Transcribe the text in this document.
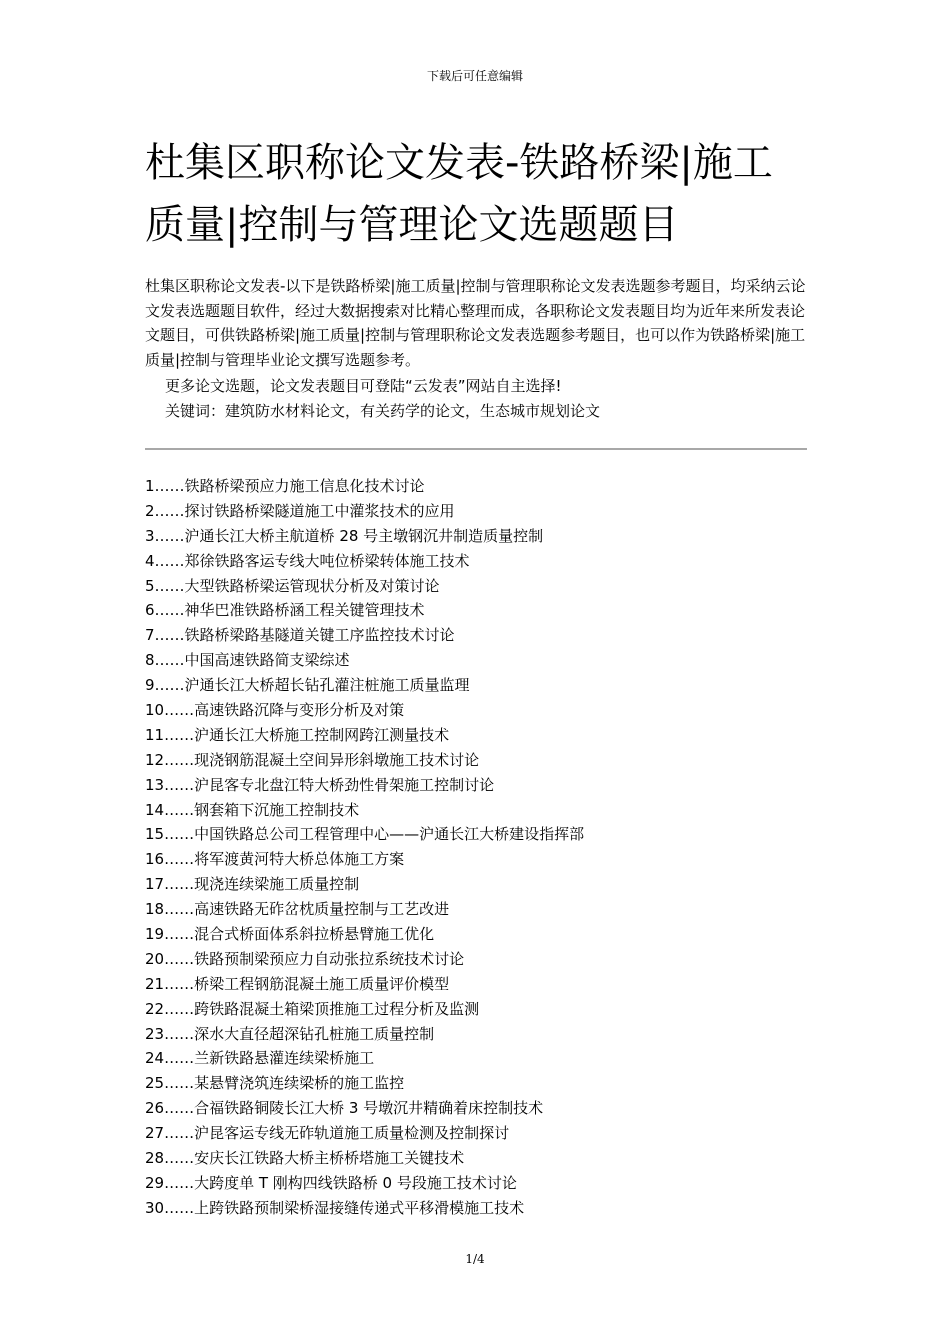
下载后可任意编辑
杜集区职称论文发表-铁路桥梁|施工质量|控制与管理论文选题题目

杜集区职称论文发表-以下是铁路桥梁|施工质量|控制与管理职称论文发表选题参考题目，均采纳云论文发表选题题目软件，经过大数据搜索对比精心整理而成，各职称论文发表题目均为近年来所发表论文题目，可供铁路桥梁|施工质量|控制与管理职称论文发表选题参考题目，也可以作为铁路桥梁|施工质量|控制与管理毕业论文撰写选题参考。

更多论文选题，论文发表题目可登陆“云发表”网站自主选择!

关键词：建筑防水材料论文，有关药学的论文，生态城市规划论文

1……铁路桥梁预应力施工信息化技术讨论
2……探讨铁路桥梁隧道施工中灌浆技术的应用
3……沪通长江大桥主航道桥 28 号主墩钢沉井制造质量控制
4……郑徐铁路客运专线大吨位桥梁转体施工技术
5……大型铁路桥梁运管现状分析及对策讨论
6……神华巴准铁路桥涵工程关键管理技术
7……铁路桥梁路基隧道关键工序监控技术讨论
8……中国高速铁路简支梁综述
9……沪通长江大桥超长钻孔灌注桩施工质量监理
10……高速铁路沉降与变形分析及对策
11……沪通长江大桥施工控制网跨江测量技术
12……现浇钢筋混凝土空间异形斜墩施工技术讨论
13……沪昆客专北盘江特大桥劲性骨架施工控制讨论
14……钢套箱下沉施工控制技术
15……中国铁路总公司工程管理中心——沪通长江大桥建设指挥部
16……将军渡黄河特大桥总体施工方案
17……现浇连续梁施工质量控制
18……高速铁路无砟岔枕质量控制与工艺改进
19……混合式桥面体系斜拉桥悬臂施工优化
20……铁路预制梁预应力自动张拉系统技术讨论
21……桥梁工程钢筋混凝土施工质量评价模型
22……跨铁路混凝土箱梁顶推施工过程分析及监测
23……深水大直径超深钻孔桩施工质量控制
24……兰新铁路悬灌连续梁桥施工
25……某悬臂浇筑连续梁桥的施工监控
26……合福铁路铜陵长江大桥 3 号墩沉井精确着床控制技术
27……沪昆客运专线无砟轨道施工质量检测及控制探讨
28……安庆长江铁路大桥主桥桥塔施工关键技术
29……大跨度单 T 刚构四线铁路桥 0 号段施工技术讨论
30……上跨铁路预制梁桥湿接缝传递式平移滑模施工技术
1/4
